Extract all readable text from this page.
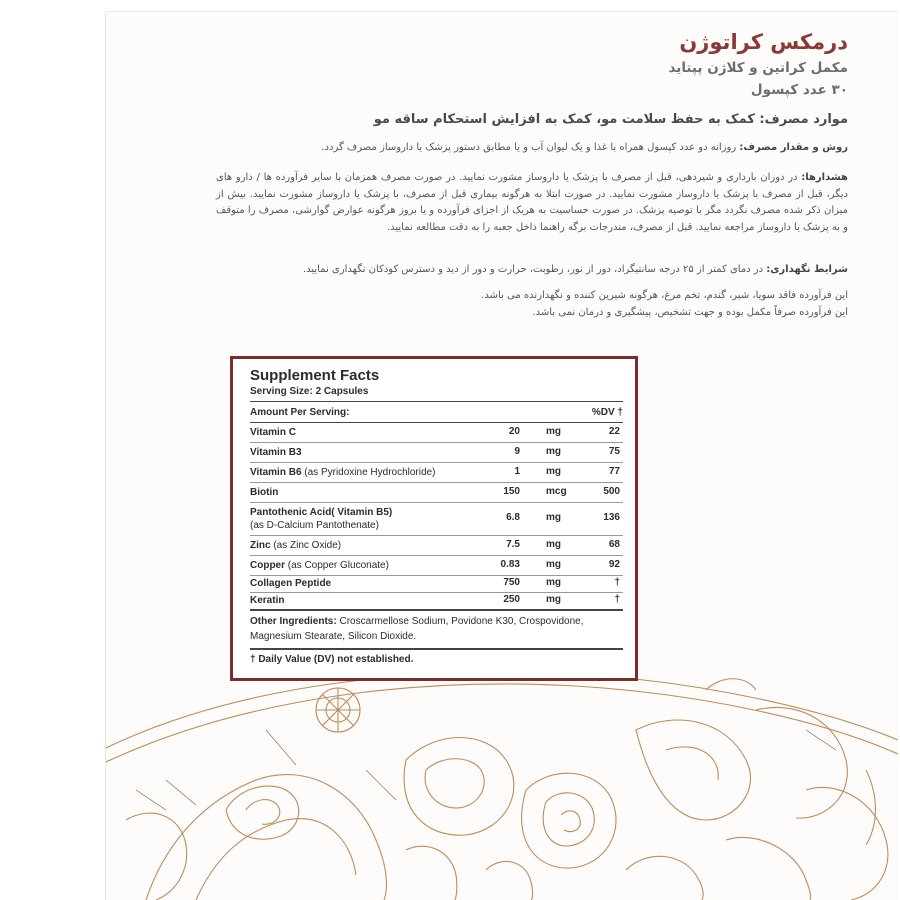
درمکس کراتوژن
مکمل کراتین و کلاژن پپتاید
۳۰ عدد کپسول
موارد مصرف: کمک به حفظ سلامت مو، کمک به افزایش استحکام ساقه مو
روش و مقدار مصرف: روزانه دو عدد کپسول همراه با غذا و یک لیوان آب و یا مطابق دستور پزشک یا داروساز مصرف گردد.
هشدارها: در دوران بارداری و شیردهی، قبل از مصرف با پزشک یا داروساز مشورت نمایید. در صورت مصرف همزمان با سایر فرآورده ها / دارو های دیگر، قبل از مصرف با پزشک یا داروساز مشورت نمایید. در صورت ابتلا به هرگونه بیماری قبل از مصرف، با پزشک یا داروساز مشورت نمایید. بیش از میزان ذکر شده مصرف نگردد مگر با توصیه پزشک. در صورت حساسیت به هریک از اجزای فرآورده و یا بروز هرگونه عوارض گوارشی، مصرف را متوقف و به پزشک یا داروساز مراجعه نمایید. قبل از مصرف، مندرجات برگه راهنما داخل جعبه را به دقت مطالعه نمایید.
شرایط نگهداری: در دمای کمتر از ۲۵ درجه سانتیگراد، دور از نور، رطوبت، حرارت و دور از دید و دسترس کودکان نگهداری نمایید.
این فرآورده فاقد سویا، شیر، گندم، تخم مرغ، هرگونه شیرین کننده و نگهدارنده می باشد.
این فرآورده صرفاً مکمل بوده و جهت تشخیص، پیشگیری و درمان نمی باشد.
Supplement Facts
Serving Size: 2 Capsules
Amount Per Serving:	%DV †
Vitamin C	20	mg	22
Vitamin B3	9	mg	75
Vitamin B6 (as Pyridoxine Hydrochloride)	1	mg	77
Biotin	150	mcg	500
Pantothenic Acid( Vitamin B5)
(as D-Calcium Pantothenate)
6.8	mg	136
Zinc (as Zinc Oxide)	7.5	mg	68
Copper (as Copper Gluconate)	0.83	mg	92
Collagen Peptide	750	mg	†
Keratin	250	mg	†
Other Ingredients: Croscarmellose Sodium, Povidone K30, Crospovidone, Magnesium Stearate, Silicon Dioxide.
† Daily Value (DV) not established.
